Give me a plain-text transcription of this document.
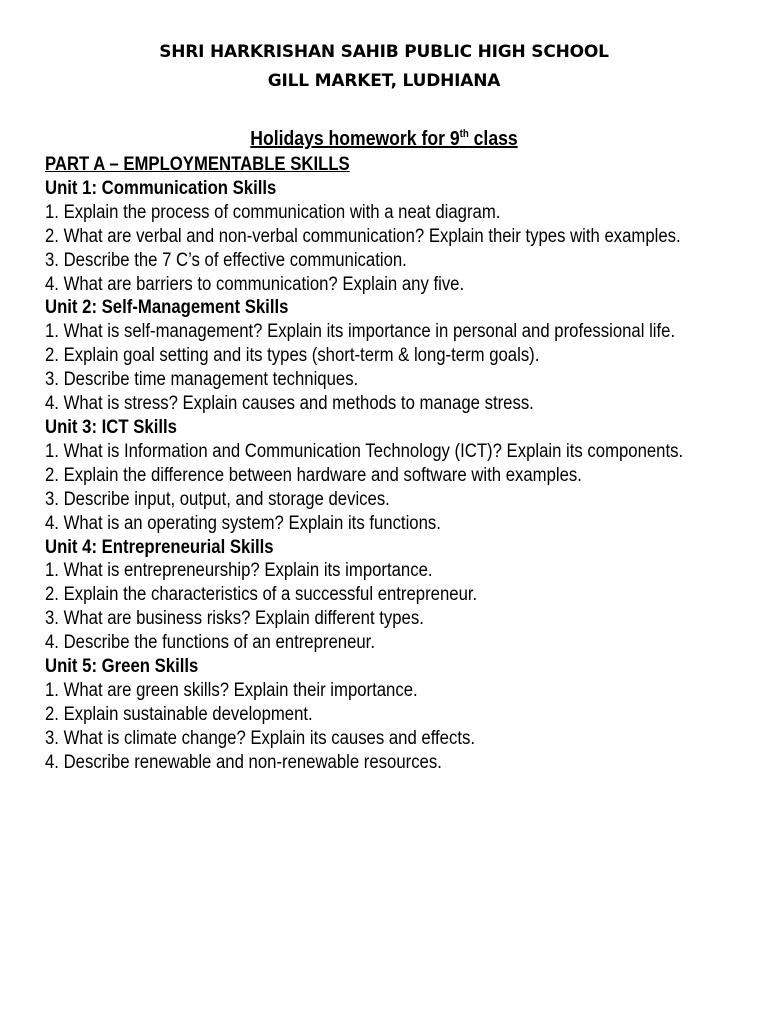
SHRI HARKRISHAN SAHIB PUBLIC HIGH SCHOOL
GILL MARKET, LUDHIANA
Holidays homework for 9th class
PART A – EMPLOYMENTABLE SKILLS
Unit 1: Communication Skills
1. Explain the process of communication with a neat diagram.
2. What are verbal and non-verbal communication? Explain their types with examples.
3. Describe the 7 C’s of effective communication.
4. What are barriers to communication? Explain any five.
Unit 2: Self-Management Skills
1. What is self-management? Explain its importance in personal and professional life.
2. Explain goal setting and its types (short-term & long-term goals).
3. Describe time management techniques.
4. What is stress? Explain causes and methods to manage stress.
Unit 3: ICT Skills
1. What is Information and Communication Technology (ICT)? Explain its components.
2. Explain the difference between hardware and software with examples.
3. Describe input, output, and storage devices.
4. What is an operating system? Explain its functions.
Unit 4: Entrepreneurial Skills
1. What is entrepreneurship? Explain its importance.
2. Explain the characteristics of a successful entrepreneur.
3. What are business risks? Explain different types.
4. Describe the functions of an entrepreneur.
Unit 5: Green Skills
1. What are green skills? Explain their importance.
2. Explain sustainable development.
3. What is climate change? Explain its causes and effects.
4. Describe renewable and non-renewable resources.
